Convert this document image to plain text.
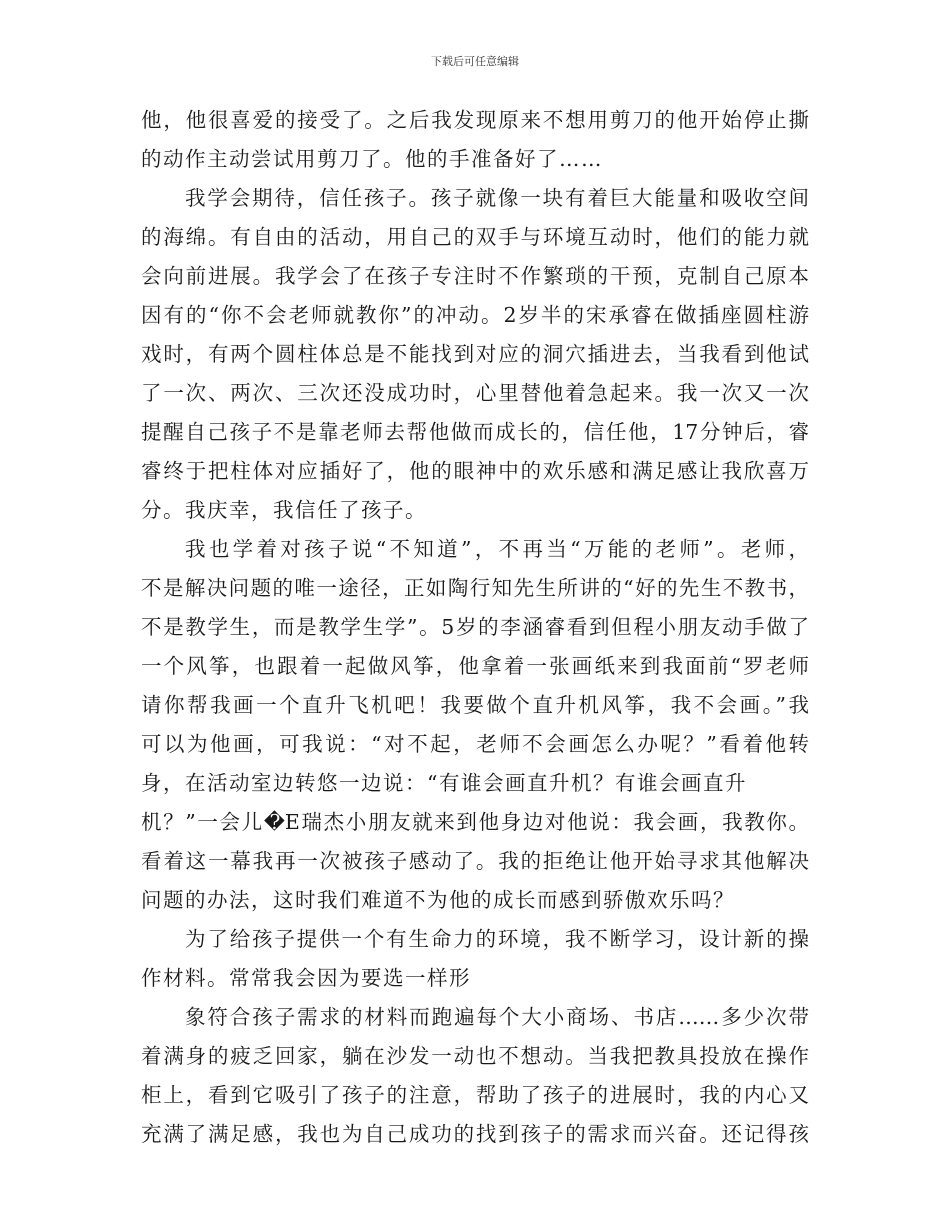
下载后可任意编辑
他，他很喜爱的接受了。之后我发现原来不想用剪刀的他开始停止撕
的动作主动尝试用剪刀了。他的手准备好了……
我学会期待，信任孩子。孩子就像一块有着巨大能量和吸收空间
的海绵。有自由的活动，用自己的双手与环境互动时，他们的能力就
会向前进展。我学会了在孩子专注时不作繁琐的干预，克制自己原本
因有的“你不会老师就教你”的冲动。2岁半的宋承睿在做插座圆柱游
戏时，有两个圆柱体总是不能找到对应的洞穴插进去，当我看到他试
了一次、两次、三次还没成功时，心里替他着急起来。我一次又一次
提醒自己孩子不是靠老师去帮他做而成长的，信任他，17分钟后，睿
睿终于把柱体对应插好了，他的眼神中的欢乐感和满足感让我欣喜万
分。我庆幸，我信任了孩子。
我也学着对孩子说“不知道”，不再当“万能的老师”。老师，
不是解决问题的唯一途径，正如陶行知先生所讲的“好的先生不教书，
不是教学生，而是教学生学”。5岁的李涵睿看到但程小朋友动手做了
一个风筝，也跟着一起做风筝，他拿着一张画纸来到我面前“罗老师
请你帮我画一个直升飞机吧！我要做个直升机风筝，我不会画。”我
可以为他画，可我说：“对不起，老师不会画怎么办呢？”看着他转
身，在活动室边转悠一边说：“有谁会画直升机？有谁会画直升
机？”一会儿�E瑞杰小朋友就来到他身边对他说：我会画，我教你。
看着这一幕我再一次被孩子感动了。我的拒绝让他开始寻求其他解决
问题的办法，这时我们难道不为他的成长而感到骄傲欢乐吗？
为了给孩子提供一个有生命力的环境，我不断学习，设计新的操
作材料。常常我会因为要选一样形
象符合孩子需求的材料而跑遍每个大小商场、书店……多少次带
着满身的疲乏回家，躺在沙发一动也不想动。当我把教具投放在操作
柜上，看到它吸引了孩子的注意，帮助了孩子的进展时，我的内心又
充满了满足感，我也为自己成功的找到孩子的需求而兴奋。还记得孩
